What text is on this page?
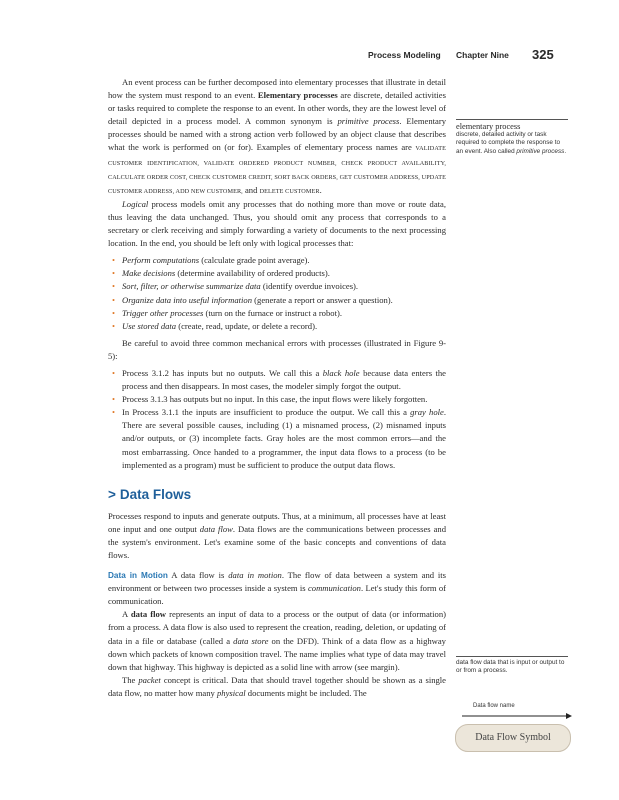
Process Modeling Chapter Nine 325

An event process can be further decomposed into elementary processes that illustrate in detail how the system must respond to an event. Elementary processes are discrete, detailed activities or tasks required to complete the response to an event. In other words, they are the lowest level of detail depicted in a process model. A common synonym is primitive process. Elementary processes should be named with a strong action verb followed by an object clause that describes what the work is performed on (or for). Examples of elementary process names are VALIDATE CUSTOMER IDENTIFICATION, VALIDATE ORDERED PRODUCT NUMBER, CHECK PRODUCT AVAILABILITY, CALCULATE ORDER COST, CHECK CUSTOMER CREDIT, SORT BACK ORDERS, GET CUSTOMER ADDRESS, UPDATE CUSTOMER ADDRESS, ADD NEW CUSTOMER, and DELETE CUSTOMER.

Logical process models omit any processes that do nothing more than move or route data, thus leaving the data unchanged. Thus, you should omit any process that corresponds to a secretary or clerk receiving and simply forwarding a variety of documents to the next processing location. In the end, you should be left only with logical processes that:

• Perform computations (calculate grade point average).
• Make decisions (determine availability of ordered products).
• Sort, filter, or otherwise summarize data (identify overdue invoices).
• Organize data into useful information (generate a report or answer a question).
• Trigger other processes (turn on the furnace or instruct a robot).
• Use stored data (create, read, update, or delete a record).

Be careful to avoid three common mechanical errors with processes (illustrated in Figure 9-5):

• Process 3.1.2 has inputs but no outputs. We call this a black hole because data enters the process and then disappears. In most cases, the modeler simply forgot the output.
• Process 3.1.3 has outputs but no input. In this case, the input flows were likely forgotten.
• In Process 3.1.1 the inputs are insufficient to produce the output. We call this a gray hole. There are several possible causes, including (1) a misnamed process, (2) misnamed inputs and/or outputs, or (3) incomplete facts. Gray holes are the most common errors—and the most embarrassing. Once handed to a programmer, the input data flows to a process (to be implemented as a program) must be sufficient to produce the output data flows.
> Data Flows

Processes respond to inputs and generate outputs. Thus, at a minimum, all processes have at least one input and one output data flow. Data flows are the communications between processes and the system's environment. Let's examine some of the basic concepts and conventions of data flows.

Data in Motion A data flow is data in motion. The flow of data between a system and its environment or between two processes inside a system is communication. Let's study this form of communication.

A data flow represents an input of data to a process or the output of data (or information) from a process. A data flow is also used to represent the creation, reading, deletion, or updating of data in a file or database (called a data store on the DFD). Think of a data flow as a highway down which packets of known composition travel. The name implies what type of data may travel down that highway. This highway is depicted as a solid line with arrow (see margin).

The packet concept is critical. Data that should travel together should be shown as a single data flow, no matter how many physical documents might be included. The

elementary process
discrete, detailed activity or task required to complete the response to an event. Also called primitive process.
data flow data that is input or output to or from a process.
Data flow name
Data Flow Symbol
